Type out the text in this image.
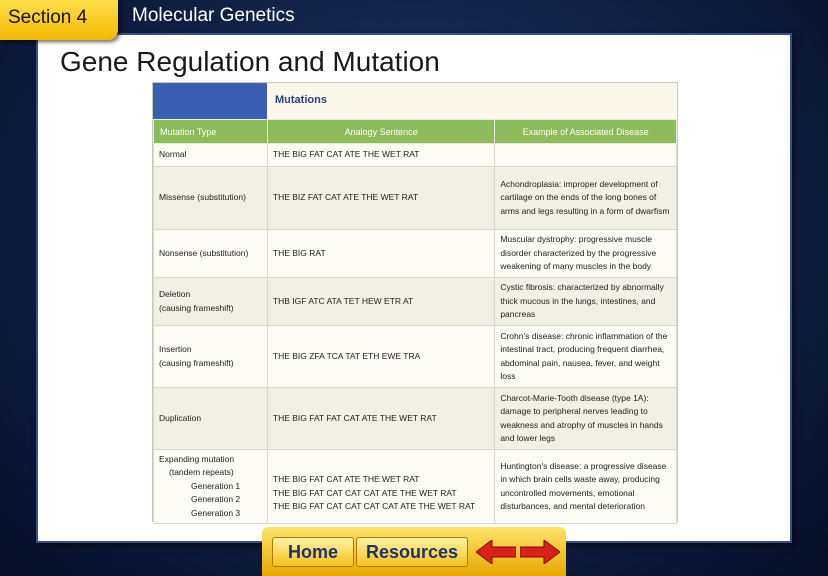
Section 4 Molecular Genetics
Gene Regulation and Mutation
Mutations
Mutation Type	Analogy Sentence	Example of Associated Disease
Normal	THE BIG FAT CAT ATE THE WET RAT	
Missense (substitution)	THE BIZ FAT CAT ATE THE WET RAT	Achondroplasia: improper development of cartilage on the ends of the long bones of arms and legs resulting in a form of dwarfism
Nonsense (substitution)	THE BIG RAT	Muscular dystrophy: progressive muscle disorder characterized by the progressive weakening of many muscles in the body
Deletion
(causing frameshift)	THB IGF ATC ATA TET HEW ETR AT	Cystic fibrosis: characterized by abnormally thick mucous in the lungs, intestines, and pancreas
Insertion
(causing frameshift)	THE BIG ZFA TCA TAT ETH EWE TRA	Crohn's disease: chronic inflammation of the intestinal tract, producing frequent diarrhea, abdominal pain, nausea, fever, and weight loss
Duplication	THE BIG FAT FAT CAT ATE THE WET RAT	Charcot-Marie-Tooth disease (type 1A): damage to peripheral nerves leading to weakness and atrophy of muscles in hands and lower legs
Expanding mutation
(tandem repeats)
Generation 1
Generation 2
Generation 3	THE BIG FAT CAT ATE THE WET RAT
THE BIG FAT CAT CAT CAT ATE THE WET RAT
THE BIG FAT CAT CAT CAT CAT ATE THE WET RAT	Huntington's disease: a progressive disease in which brain cells waste away, producing uncontrolled movements, emotional disturbances, and mental deterioration
Home	Resources
